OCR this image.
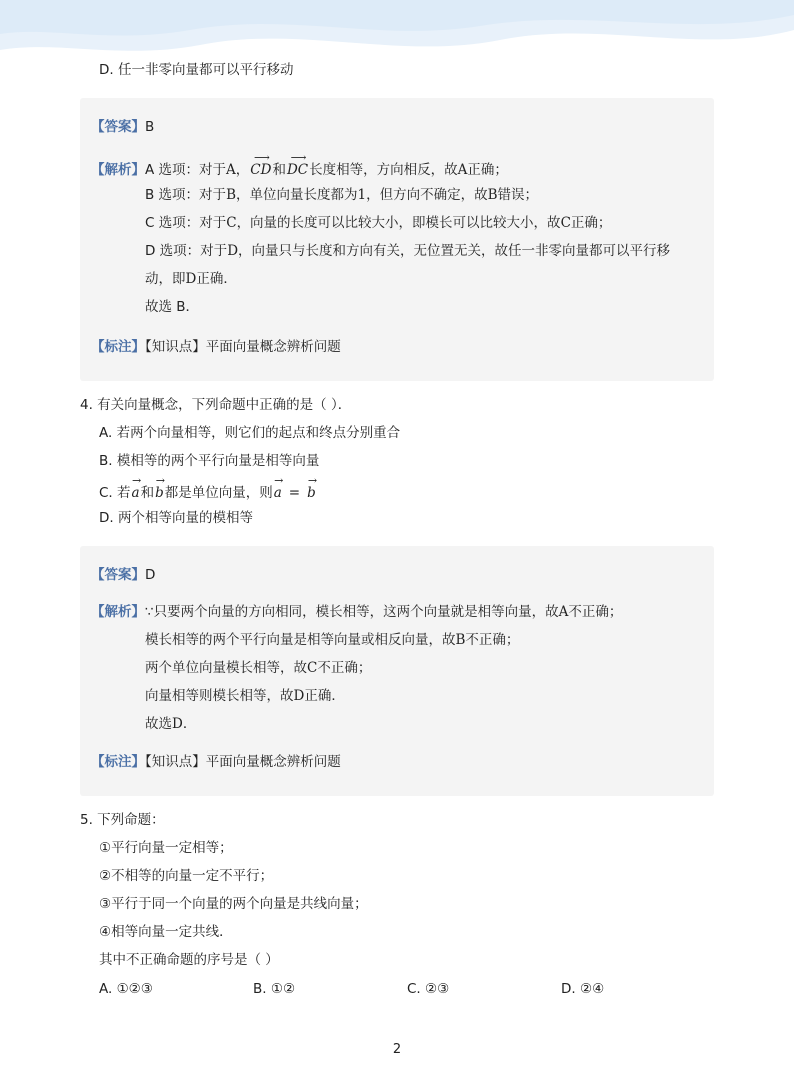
D. 任一非零向量都可以平行移动
【答案】B
【解析】A 选项：对于A，
⟶
CD和
⟶
DC长度相等，方向相反，故A正确；
B 选项：对于B，单位向量长度都为1，但方向不确定，故B错误；
C 选项：对于C，向量的长度可以比较大小，即模长可以比较大小，故C正确；
D 选项：对于D，向量只与长度和方向有关，无位置无关，故任一非零向量都可以平行移
动，即D正确．
故选 B．
【标注】【知识点】平面向量概念辨析问题
4. 有关向量概念，下列命题中正确的是（ ）．
A. 若两个向量相等，则它们的起点和终点分别重合
B. 模相等的两个平行向量是相等向量
C. 若
→
a和
→
b都是单位向量，则
→
a =
→
b
D. 两个相等向量的模相等
【答案】D
【解析】∵只要两个向量的方向相同，模长相等，这两个向量就是相等向量，故A不正确；
模长相等的两个平行向量是相等向量或相反向量，故B不正确；
两个单位向量模长相等，故C不正确；
向量相等则模长相等，故D正确．
故选D．
【标注】【知识点】平面向量概念辨析问题
5. 下列命题：
①平行向量一定相等；
②不相等的向量一定不平行；
③平行于同一个向量的两个向量是共线向量；
④相等向量一定共线．
其中不正确命题的序号是（ ）
A. ①②③	B. ①②	C. ②③	D. ②④
2
